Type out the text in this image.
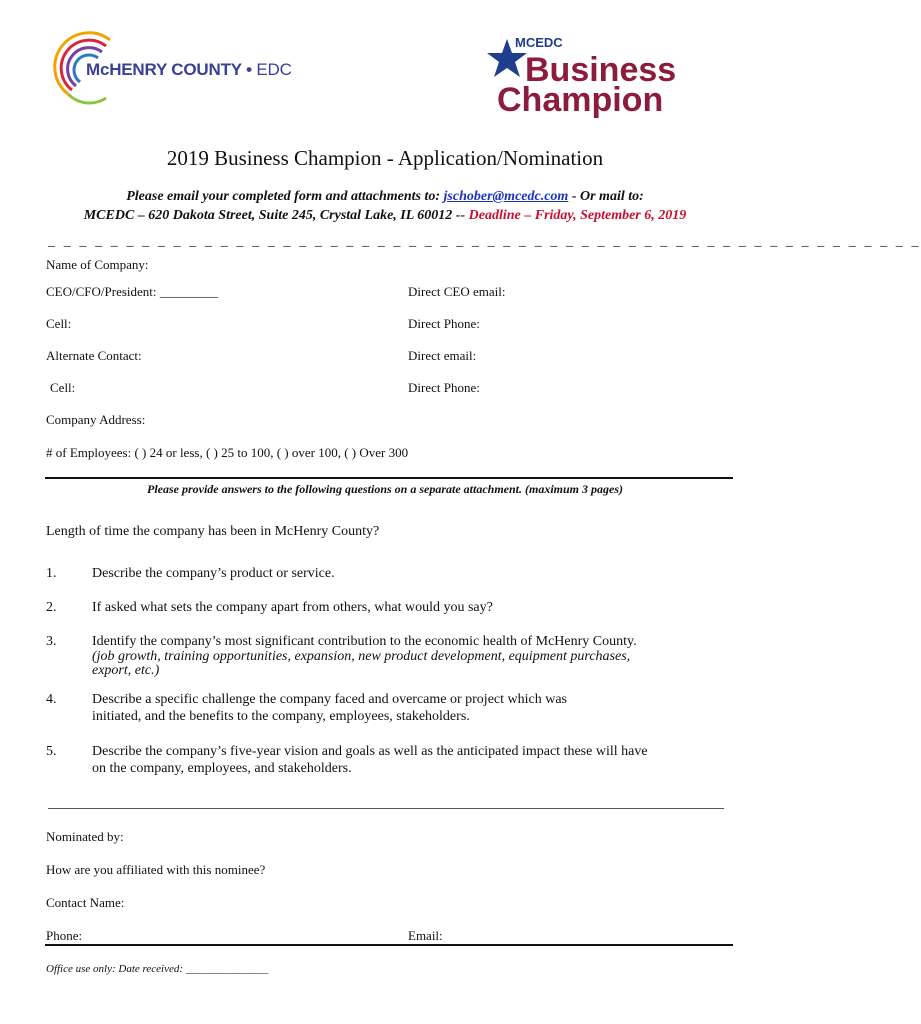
McHENRY COUNTY • EDC
MCEDC
Business
Champion
2019 Business Champion - Application/Nomination
Please email your completed form and attachments to: jschober@mcedc.com - Or mail to:
MCEDC – 620 Dakota Street, Suite 245, Crystal Lake, IL 60012 -- Deadline – Friday, September 6, 2019
_ _ _ _ _ _ _ _ _ _ _ _ _ _ _ _ _ _ _ _ _ _ _ _ _ _ _ _ _ _ _ _ _ _ _ _ _ _ _ _ _ _ _ _ _ _ _ _ _ _ _ _ _ _ _ _
Name of Company:
CEO/CFO/President: _________	Direct CEO email:
Cell:	Direct Phone:
Alternate Contact:	Direct email:
Cell:	Direct Phone:
Company Address:
# of Employees: ( ) 24 or less, ( ) 25 to 100, ( ) over 100, ( ) Over 300
Please provide answers to the following questions on a separate attachment. (maximum 3 pages)
Length of time the company has been in McHenry County?
1.	Describe the company’s product or service.
2.	If asked what sets the company apart from others, what would you say?
3.	Identify the company’s most significant contribution to the economic health of McHenry County.
(job growth, training opportunities, expansion, new product development, equipment purchases,
export, etc.)
4.	Describe a specific challenge the company faced and overcame or project which was
initiated, and the benefits to the company, employees, stakeholders.
5.	Describe the company’s five-year vision and goals as well as the anticipated impact these will have
on the company, employees, and stakeholders.
Nominated by:
How are you affiliated with this nominee?
Contact Name:
Phone:	Email:
Office use only: Date received: _______________
